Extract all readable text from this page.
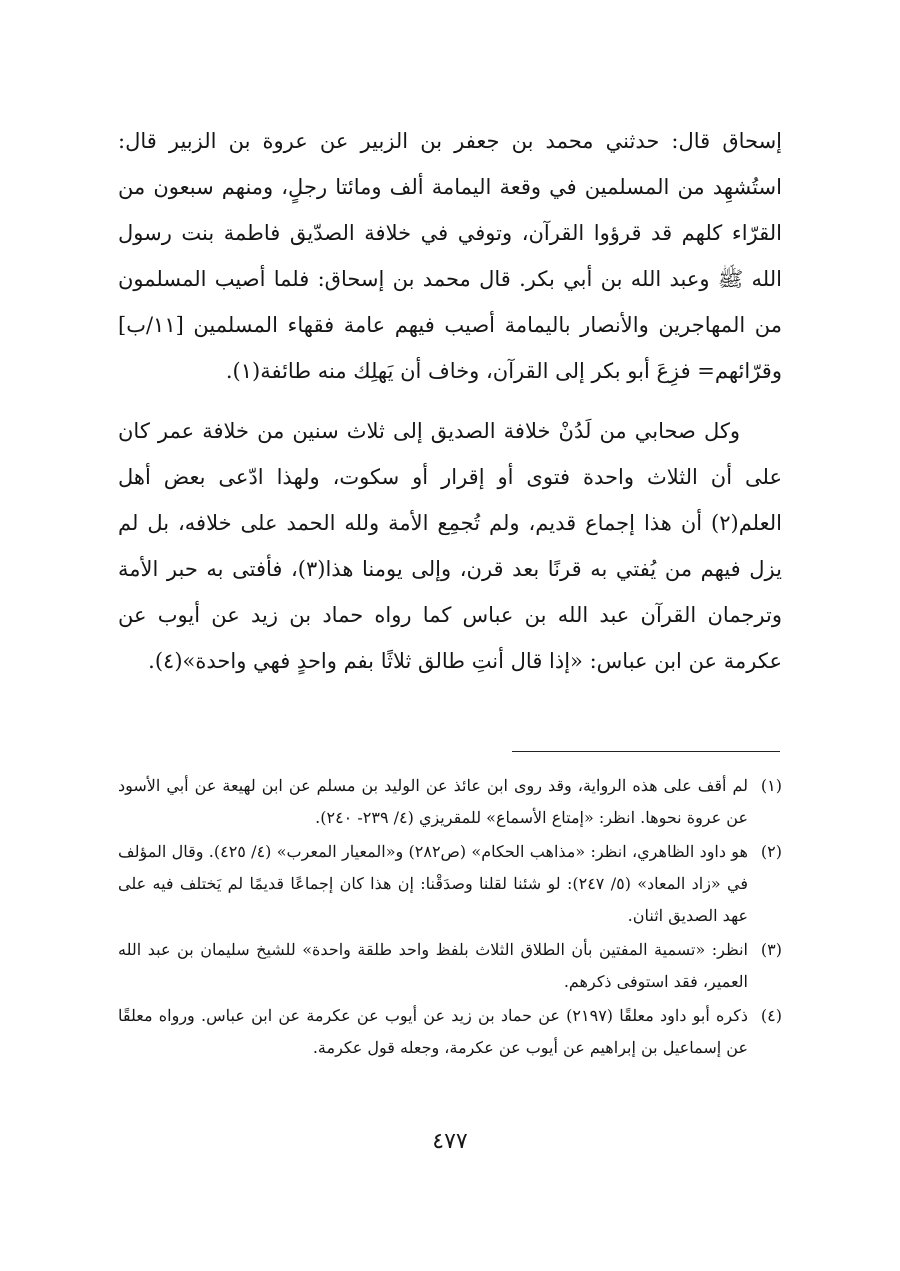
إسحاق قال: حدثني محمد بن جعفر بن الزبير عن عروة بن الزبير قال: استُشهِد من المسلمين في وقعة اليمامة ألف ومائتا رجلٍ، ومنهم سبعون من القرّاء كلهم قد قرؤوا القرآن، وتوفي في خلافة الصدّيق فاطمة بنت رسول الله ﷺ وعبد الله بن أبي بكر. قال محمد بن إسحاق: فلما أصيب المسلمون من المهاجرين والأنصار باليمامة أصيب فيهم عامة فقهاء المسلمين [١١/ب] وقرّائهم= فزِعَ أبو بكر إلى القرآن، وخاف أن يَهلِك منه طائفة(١).

وكل صحابي من لَدُنْ خلافة الصديق إلى ثلاث سنين من خلافة عمر كان على أن الثلاث واحدة فتوى أو إقرار أو سكوت، ولهذا ادّعى بعض أهل العلم(٢) أن هذا إجماع قديم، ولم تُجمِع الأمة ولله الحمد على خلافه، بل لم يزل فيهم من يُفتي به قرنًا بعد قرن، وإلى يومنا هذا(٣)، فأفتى به حبر الأمة وترجمان القرآن عبد الله بن عباس كما رواه حماد بن زيد عن أيوب عن عكرمة عن ابن عباس: «إذا قال أنتِ طالق ثلاثًا بفم واحدٍ فهي واحدة»(٤).

(١)
لم أقف على هذه الرواية، وقد روى ابن عائذ عن الوليد بن مسلم عن ابن لهيعة عن أبي الأسود عن عروة نحوها. انظر: «إمتاع الأسماع» للمقريزي (٤/ ٢٣٩- ٢٤٠).
(٢)
هو داود الظاهري، انظر: «مذاهب الحكام» (ص٢٨٢) و«المعيار المعرب» (٤/ ٤٢٥). وقال المؤلف في «زاد المعاد» (٥/ ٢٤٧): لو شئنا لقلنا وصدَقْنا: إن هذا كان إجماعًا قديمًا لم يَختلف فيه على عهد الصديق اثنان.
(٣)
انظر: «تسمية المفتين بأن الطلاق الثلاث بلفظ واحد طلقة واحدة» للشيخ سليمان بن عبد الله العمير، فقد استوفى ذكرهم.
(٤)
ذكره أبو داود معلقًا (٢١٩٧) عن حماد بن زيد عن أيوب عن عكرمة عن ابن عباس. ورواه معلقًا عن إسماعيل بن إبراهيم عن أيوب عن عكرمة، وجعله قول عكرمة.
٤٧٧
